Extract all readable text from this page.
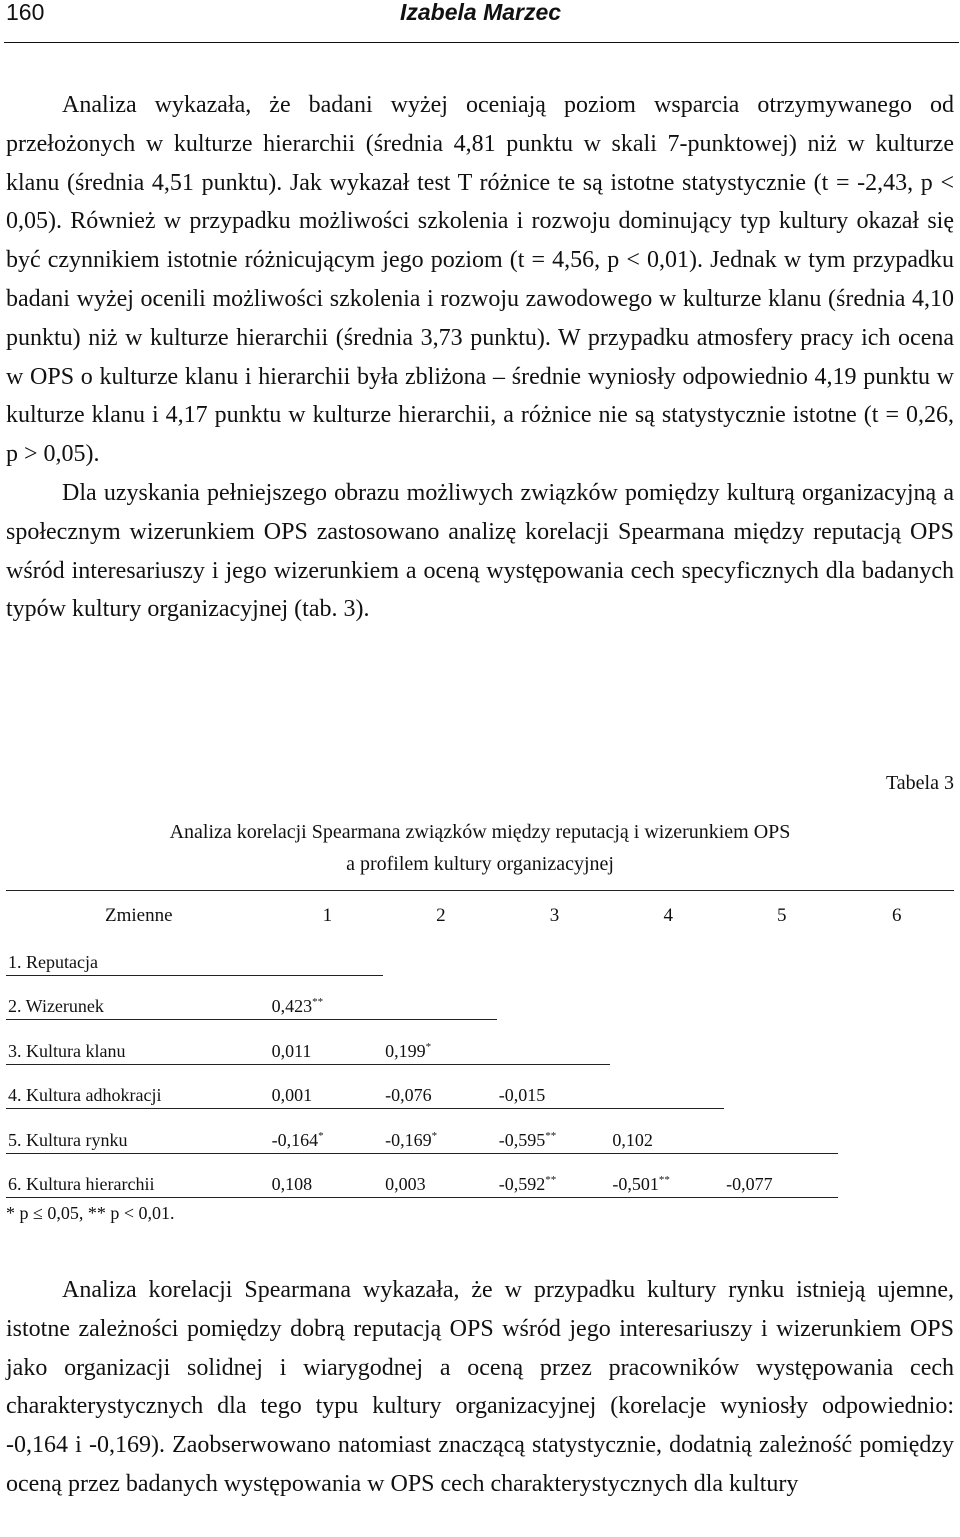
160	Izabela Marzec

Analiza wykazała, że badani wyżej oceniają poziom wsparcia otrzymywanego od przełożonych w kulturze hierarchii (średnia 4,81 punktu w skali 7-punktowej) niż w kulturze klanu (średnia 4,51 punktu). Jak wykazał test T różnice te są istotne statystycznie (t = -2,43, p < 0,05). Również w przypadku możliwości szkolenia i rozwoju dominujący typ kultury okazał się być czynnikiem istotnie różnicującym jego poziom (t = 4,56, p < 0,01). Jednak w tym przypadku badani wyżej ocenili możliwości szkolenia i rozwoju zawodowego w kulturze klanu (średnia 4,10 punktu) niż w kulturze hierarchii (średnia 3,73 punktu). W przypadku atmosfery pracy ich ocena w OPS o kulturze klanu i hierarchii była zbliżona – średnie wyniosły odpowiednio 4,19 punktu w kulturze klanu i 4,17 punktu w kulturze hierarchii, a różnice nie są statystycznie istotne (t = 0,26, p > 0,05).

Dla uzyskania pełniejszego obrazu możliwych związków pomiędzy kulturą organizacyjną a społecznym wizerunkiem OPS zastosowano analizę korelacji Spearmana między reputacją OPS wśród interesariuszy i jego wizerunkiem a oceną występowania cech specyficznych dla badanych typów kultury organizacyjnej (tab. 3).

Tabela 3
Analiza korelacji Spearmana związków między reputacją i wizerunkiem OPS
a profilem kultury organizacyjnej
Zmienne	1	2	3	4	5	6
1. Reputacja						
2. Wizerunek	0,423**					
3. Kultura klanu	0,011	0,199*				
4. Kultura adhokracji	0,001	-0,076	-0,015			
5. Kultura rynku	-0,164*	-0,169*	-0,595**	0,102		
6. Kultura hierarchii	0,108	0,003	-0,592**	-0,501**	-0,077	
* p ≤ 0,05, ** p < 0,01.

Analiza korelacji Spearmana wykazała, że w przypadku kultury rynku istnieją ujemne, istotne zależności pomiędzy dobrą reputacją OPS wśród jego interesariuszy i wizerunkiem OPS jako organizacji solidnej i wiarygodnej a oceną przez pracowników występowania cech charakterystycznych dla tego typu kultury organizacyjnej (korelacje wyniosły odpowiednio: -0,164 i -0,169). Zaobserwowano natomiast znaczącą statystycznie, dodatnią zależność pomiędzy oceną przez badanych występowania w OPS cech charakterystycznych dla kultury
